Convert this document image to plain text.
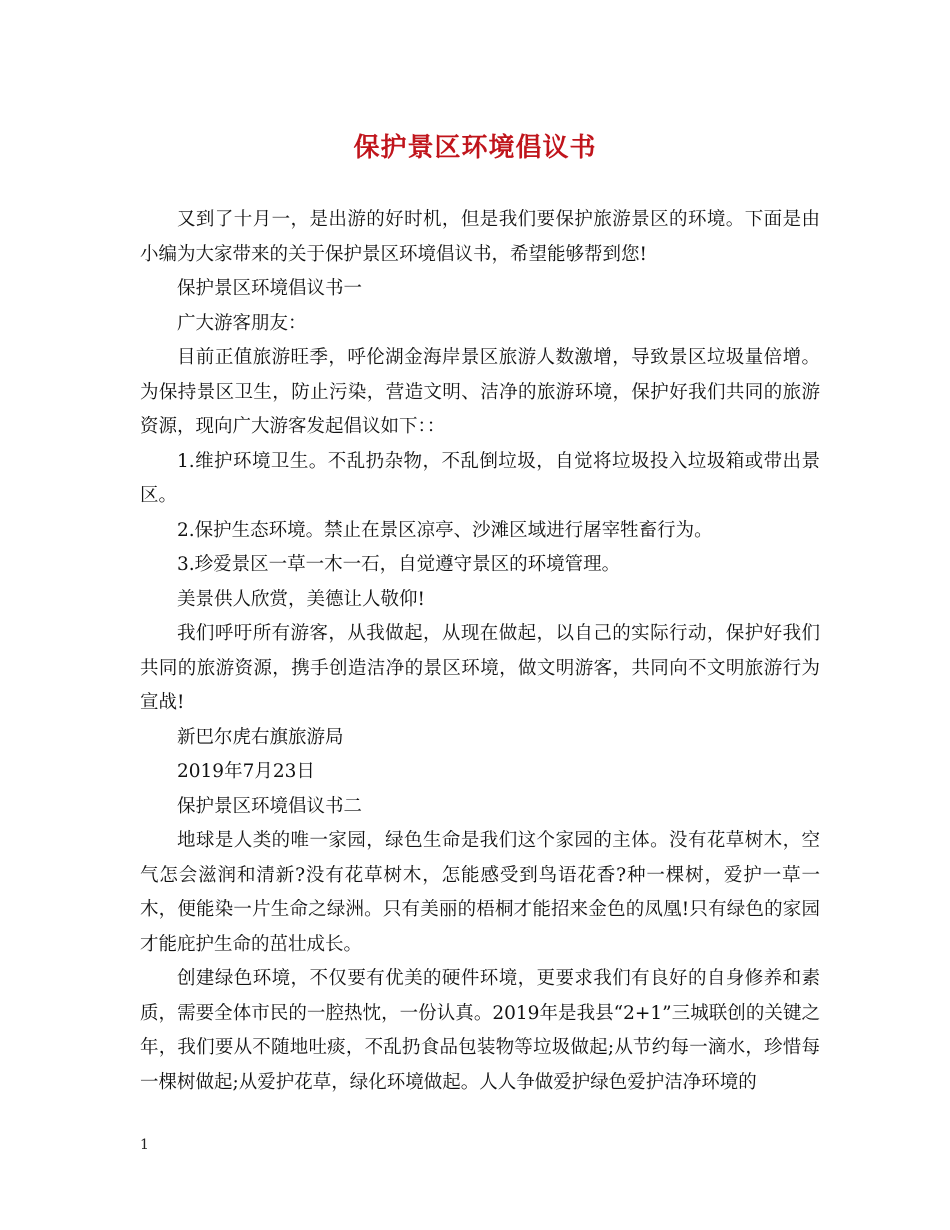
保护景区环境倡议书

又到了十月一，是出游的好时机，但是我们要保护旅游景区的环境。下面是由小编为大家带来的关于保护景区环境倡议书，希望能够帮到您!

保护景区环境倡议书一

广大游客朋友：

目前正值旅游旺季，呼伦湖金海岸景区旅游人数激增，导致景区垃圾量倍增。为保持景区卫生，防止污染，营造文明、洁净的旅游环境，保护好我们共同的旅游资源，现向广大游客发起倡议如下：：

1.维护环境卫生。不乱扔杂物，不乱倒垃圾，自觉将垃圾投入垃圾箱或带出景区。

2.保护生态环境。禁止在景区凉亭、沙滩区域进行屠宰牲畜行为。

3.珍爱景区一草一木一石，自觉遵守景区的环境管理。

美景供人欣赏，美德让人敬仰!

我们呼吁所有游客，从我做起，从现在做起，以自己的实际行动，保护好我们共同的旅游资源，携手创造洁净的景区环境，做文明游客，共同向不文明旅游行为宣战!

新巴尔虎右旗旅游局

2019年7月23日

保护景区环境倡议书二

地球是人类的唯一家园，绿色生命是我们这个家园的主体。没有花草树木，空气怎会滋润和清新?没有花草树木，怎能感受到鸟语花香?种一棵树，爱护一草一木，便能染一片生命之绿洲。只有美丽的梧桐才能招来金色的凤凰!只有绿色的家园才能庇护生命的茁壮成长。

创建绿色环境，不仅要有优美的硬件环境，更要求我们有良好的自身修养和素质，需要全体市民的一腔热忱，一份认真。2019年是我县“2+1”三城联创的关键之年，我们要从不随地吐痰，不乱扔食品包装物等垃圾做起;从节约每一滴水，珍惜每一棵树做起;从爱护花草，绿化环境做起。人人争做爱护绿色爱护洁净环境的

1
